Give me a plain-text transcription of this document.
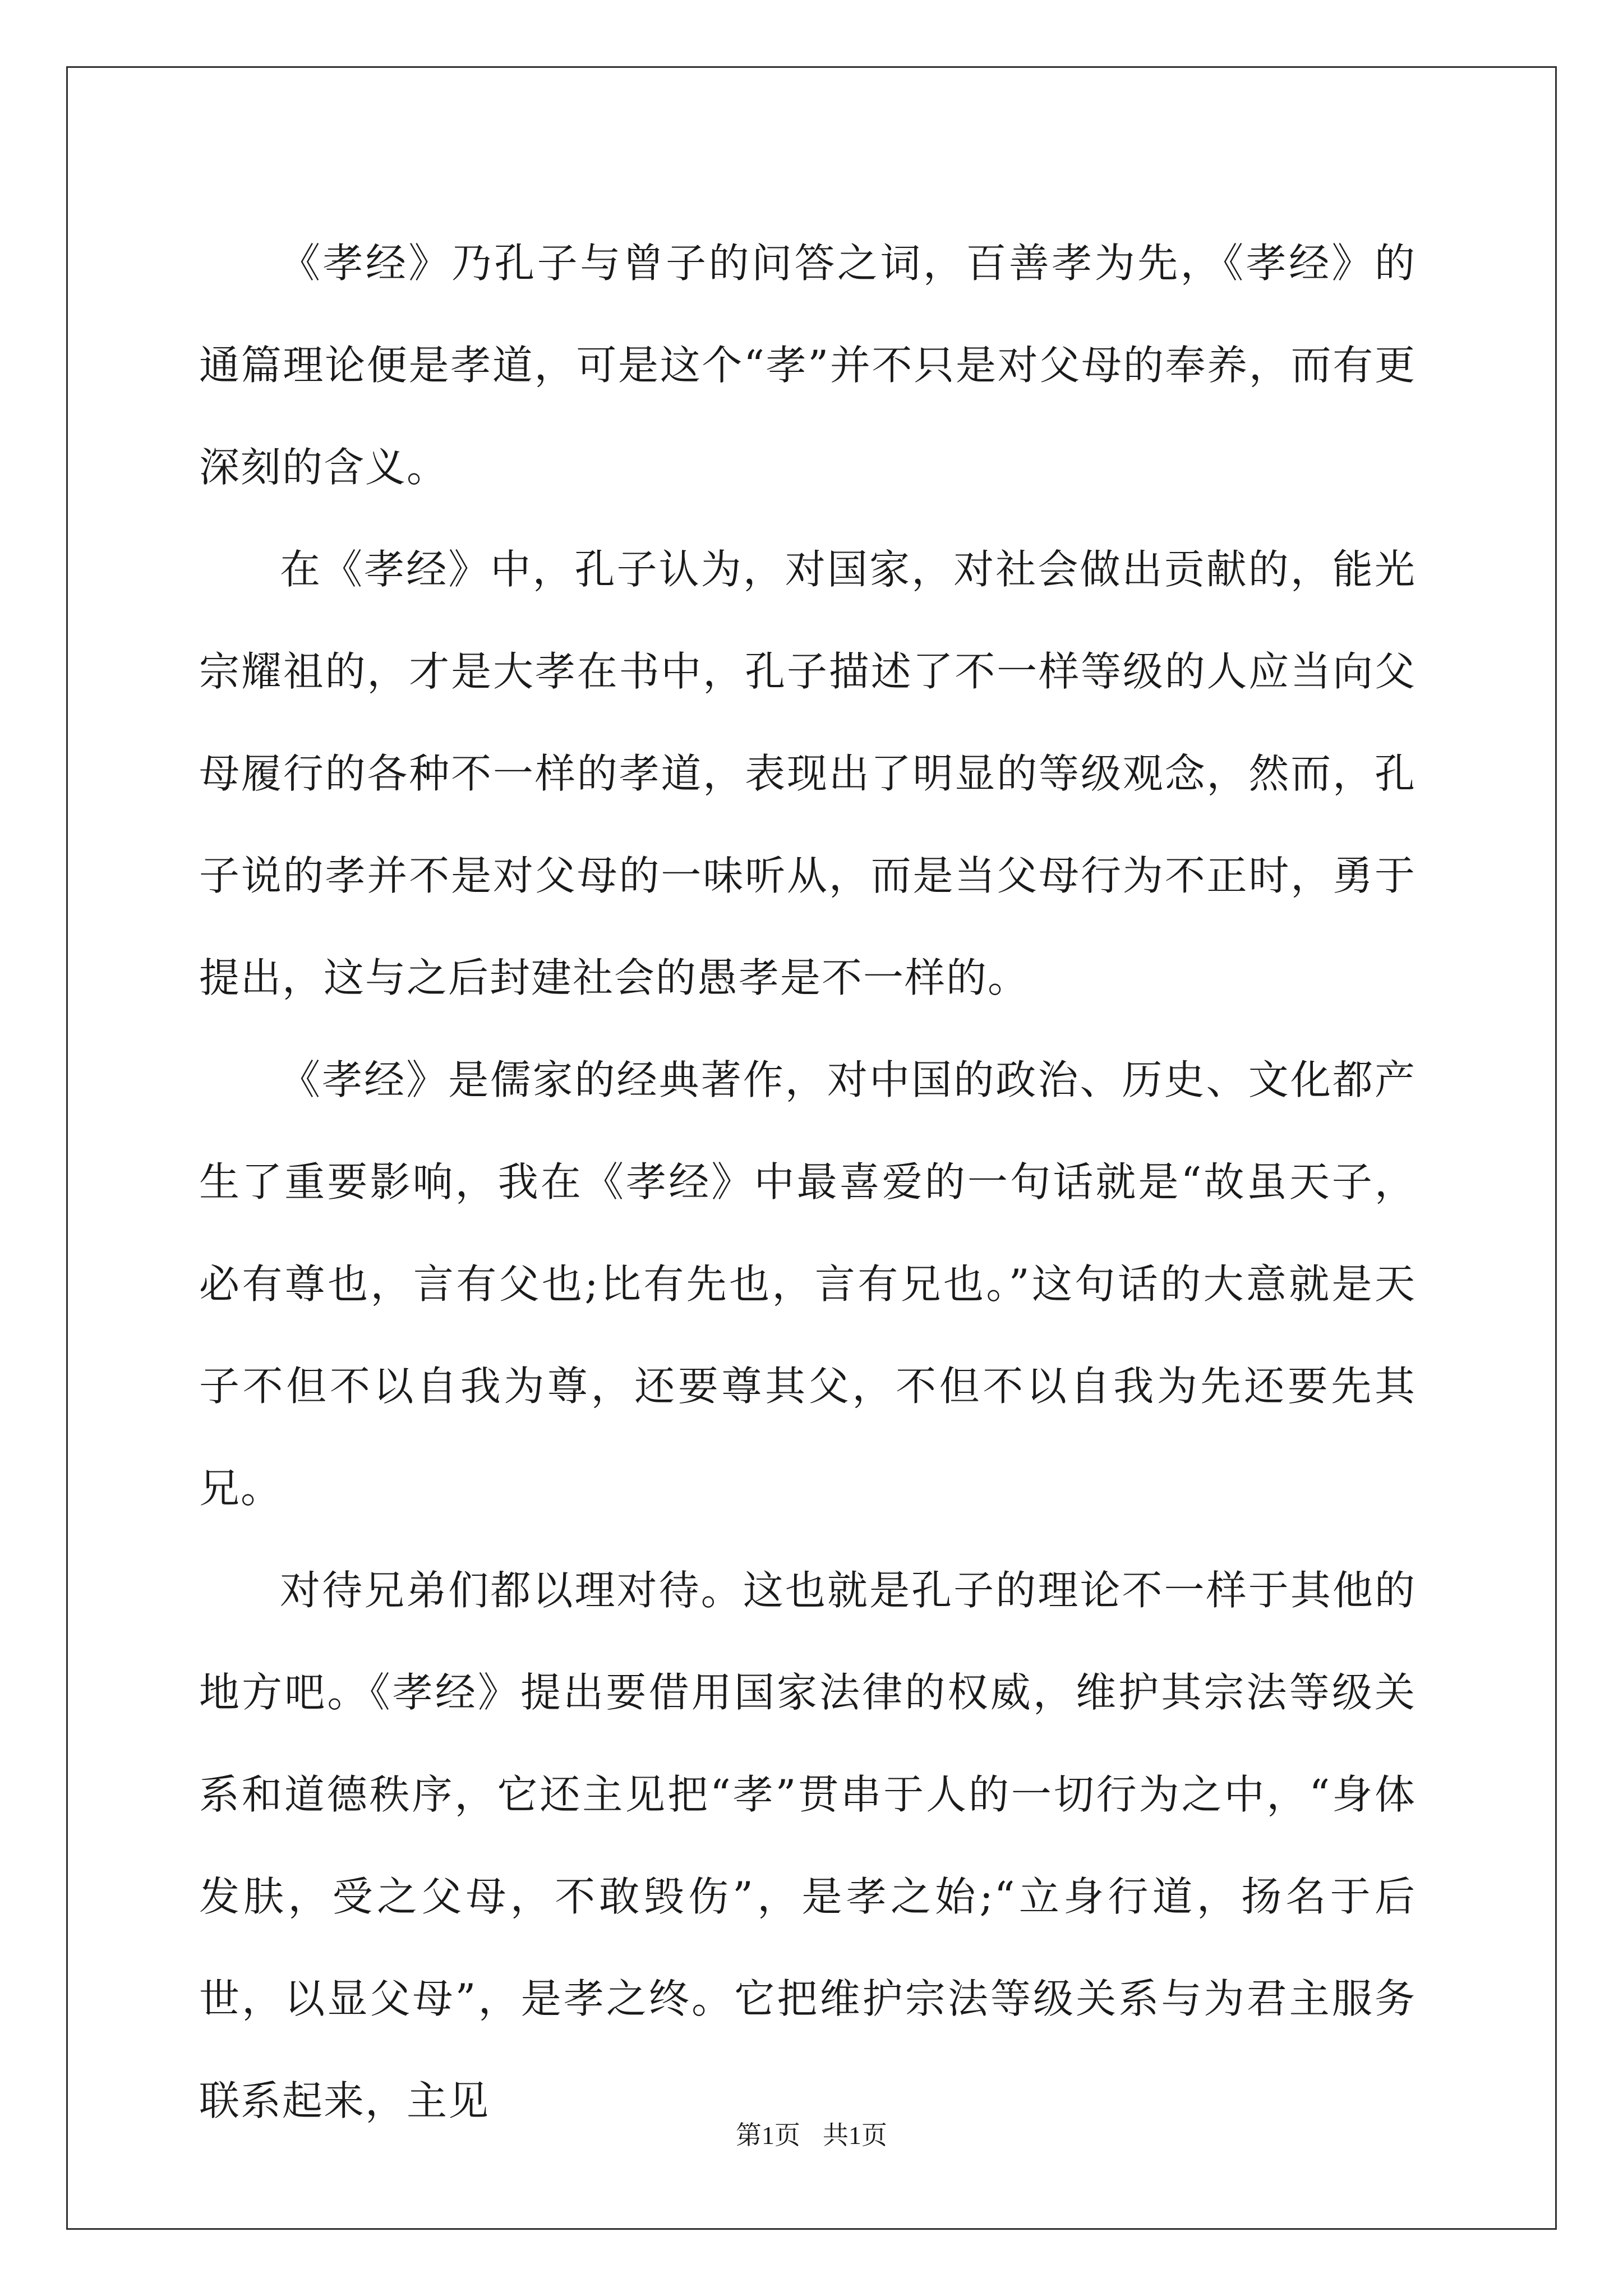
《孝经》乃孔子与曾子的问答之词，百善孝为先，《孝经》的通篇理论便是孝道，可是这个“孝”并不只是对父母的奉养，而有更深刻的含义。

在《孝经》中，孔子认为，对国家，对社会做出贡献的，能光宗耀祖的，才是大孝在书中，孔子描述了不一样等级的人应当向父母履行的各种不一样的孝道，表现出了明显的等级观念，然而，孔子说的孝并不是对父母的一味听从，而是当父母行为不正时，勇于提出，这与之后封建社会的愚孝是不一样的。

《孝经》是儒家的经典著作，对中国的政治、历史、文化都产生了重要影响，我在《孝经》中最喜爱的一句话就是“故虽天子，必有尊也，言有父也;比有先也，言有兄也。”这句话的大意就是天子不但不以自我为尊，还要尊其父，不但不以自我为先还要先其兄。

对待兄弟们都以理对待。这也就是孔子的理论不一样于其他的地方吧。《孝经》提出要借用国家法律的权威，维护其宗法等级关系和道德秩序，它还主见把“孝”贯串于人的一切行为之中，“身体发肤，受之父母，不敢毁伤”，是孝之始;“立身行道，扬名于后世，以显父母”，是孝之终。它把维护宗法等级关系与为君主服务联系起来，主见

第1页 共1页
